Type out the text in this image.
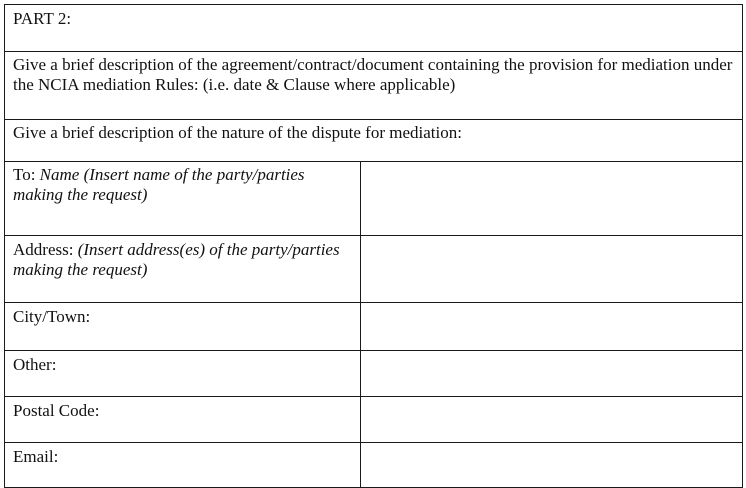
PART 2:	
Give a brief description of the agreement/contract/document containing the provision for mediation under the NCIA mediation Rules: (i.e. date & Clause where applicable)	
Give a brief description of the nature of the dispute for mediation:	
To: Name (Insert name of the party/parties making the request)	
Address: (Insert address(es) of the party/parties making the request)	
City/Town:	
Other:	
Postal Code:	
Email:	
